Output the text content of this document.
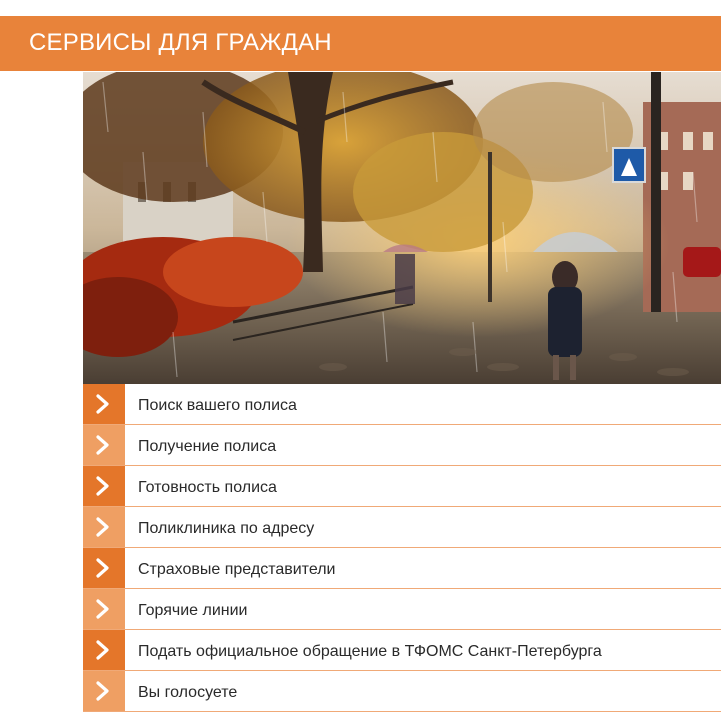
СЕРВИСЫ ДЛЯ ГРАЖДАН
Поиск вашего полиса
Получение полиса
Готовность полиса
Поликлиника по адресу
Страховые представители
Горячие линии
Подать официальное обращение в ТФОМС Санкт-Петербурга
Вы голосуете
